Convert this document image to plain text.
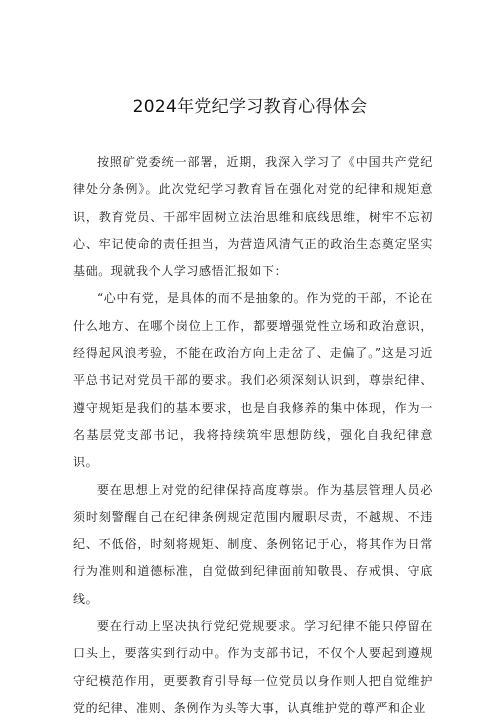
2024年党纪学习教育心得体会

按照矿党委统一部署，近期，我深入学习了《中国共产党纪律处分条例》。此次党纪学习教育旨在强化对党的纪律和规矩意识，教育党员、干部牢固树立法治思维和底线思维，树牢不忘初心、牢记使命的责任担当，为营造风清气正的政治生态奠定坚实基础。现就我个人学习感悟汇报如下：

“心中有党，是具体的而不是抽象的。作为党的干部，不论在什么地方、在哪个岗位上工作，都要增强党性立场和政治意识，经得起风浪考验，不能在政治方向上走岔了、走偏了。”这是习近平总书记对党员干部的要求。我们必须深刻认识到，尊崇纪律、遵守规矩是我们的基本要求，也是自我修养的集中体现，作为一名基层党支部书记，我将持续筑牢思想防线，强化自我纪律意识。

要在思想上对党的纪律保持高度尊崇。作为基层管理人员必须时刻警醒自己在纪律条例规定范围内履职尽责，不越规、不违纪、不低俗，时刻将规矩、制度、条例铭记于心，将其作为日常行为准则和道德标准，自觉做到纪律面前知敬畏、存戒惧、守底线。

要在行动上坚决执行党纪党规要求。学习纪律不能只停留在口头上，要落实到行动中。作为支部书记，不仅个人要起到遵规守纪模范作用，更要教育引导每一位党员以身作则人把自觉维护党的纪律、准则、条例作为头等大事，认真维护党的尊严和企业
